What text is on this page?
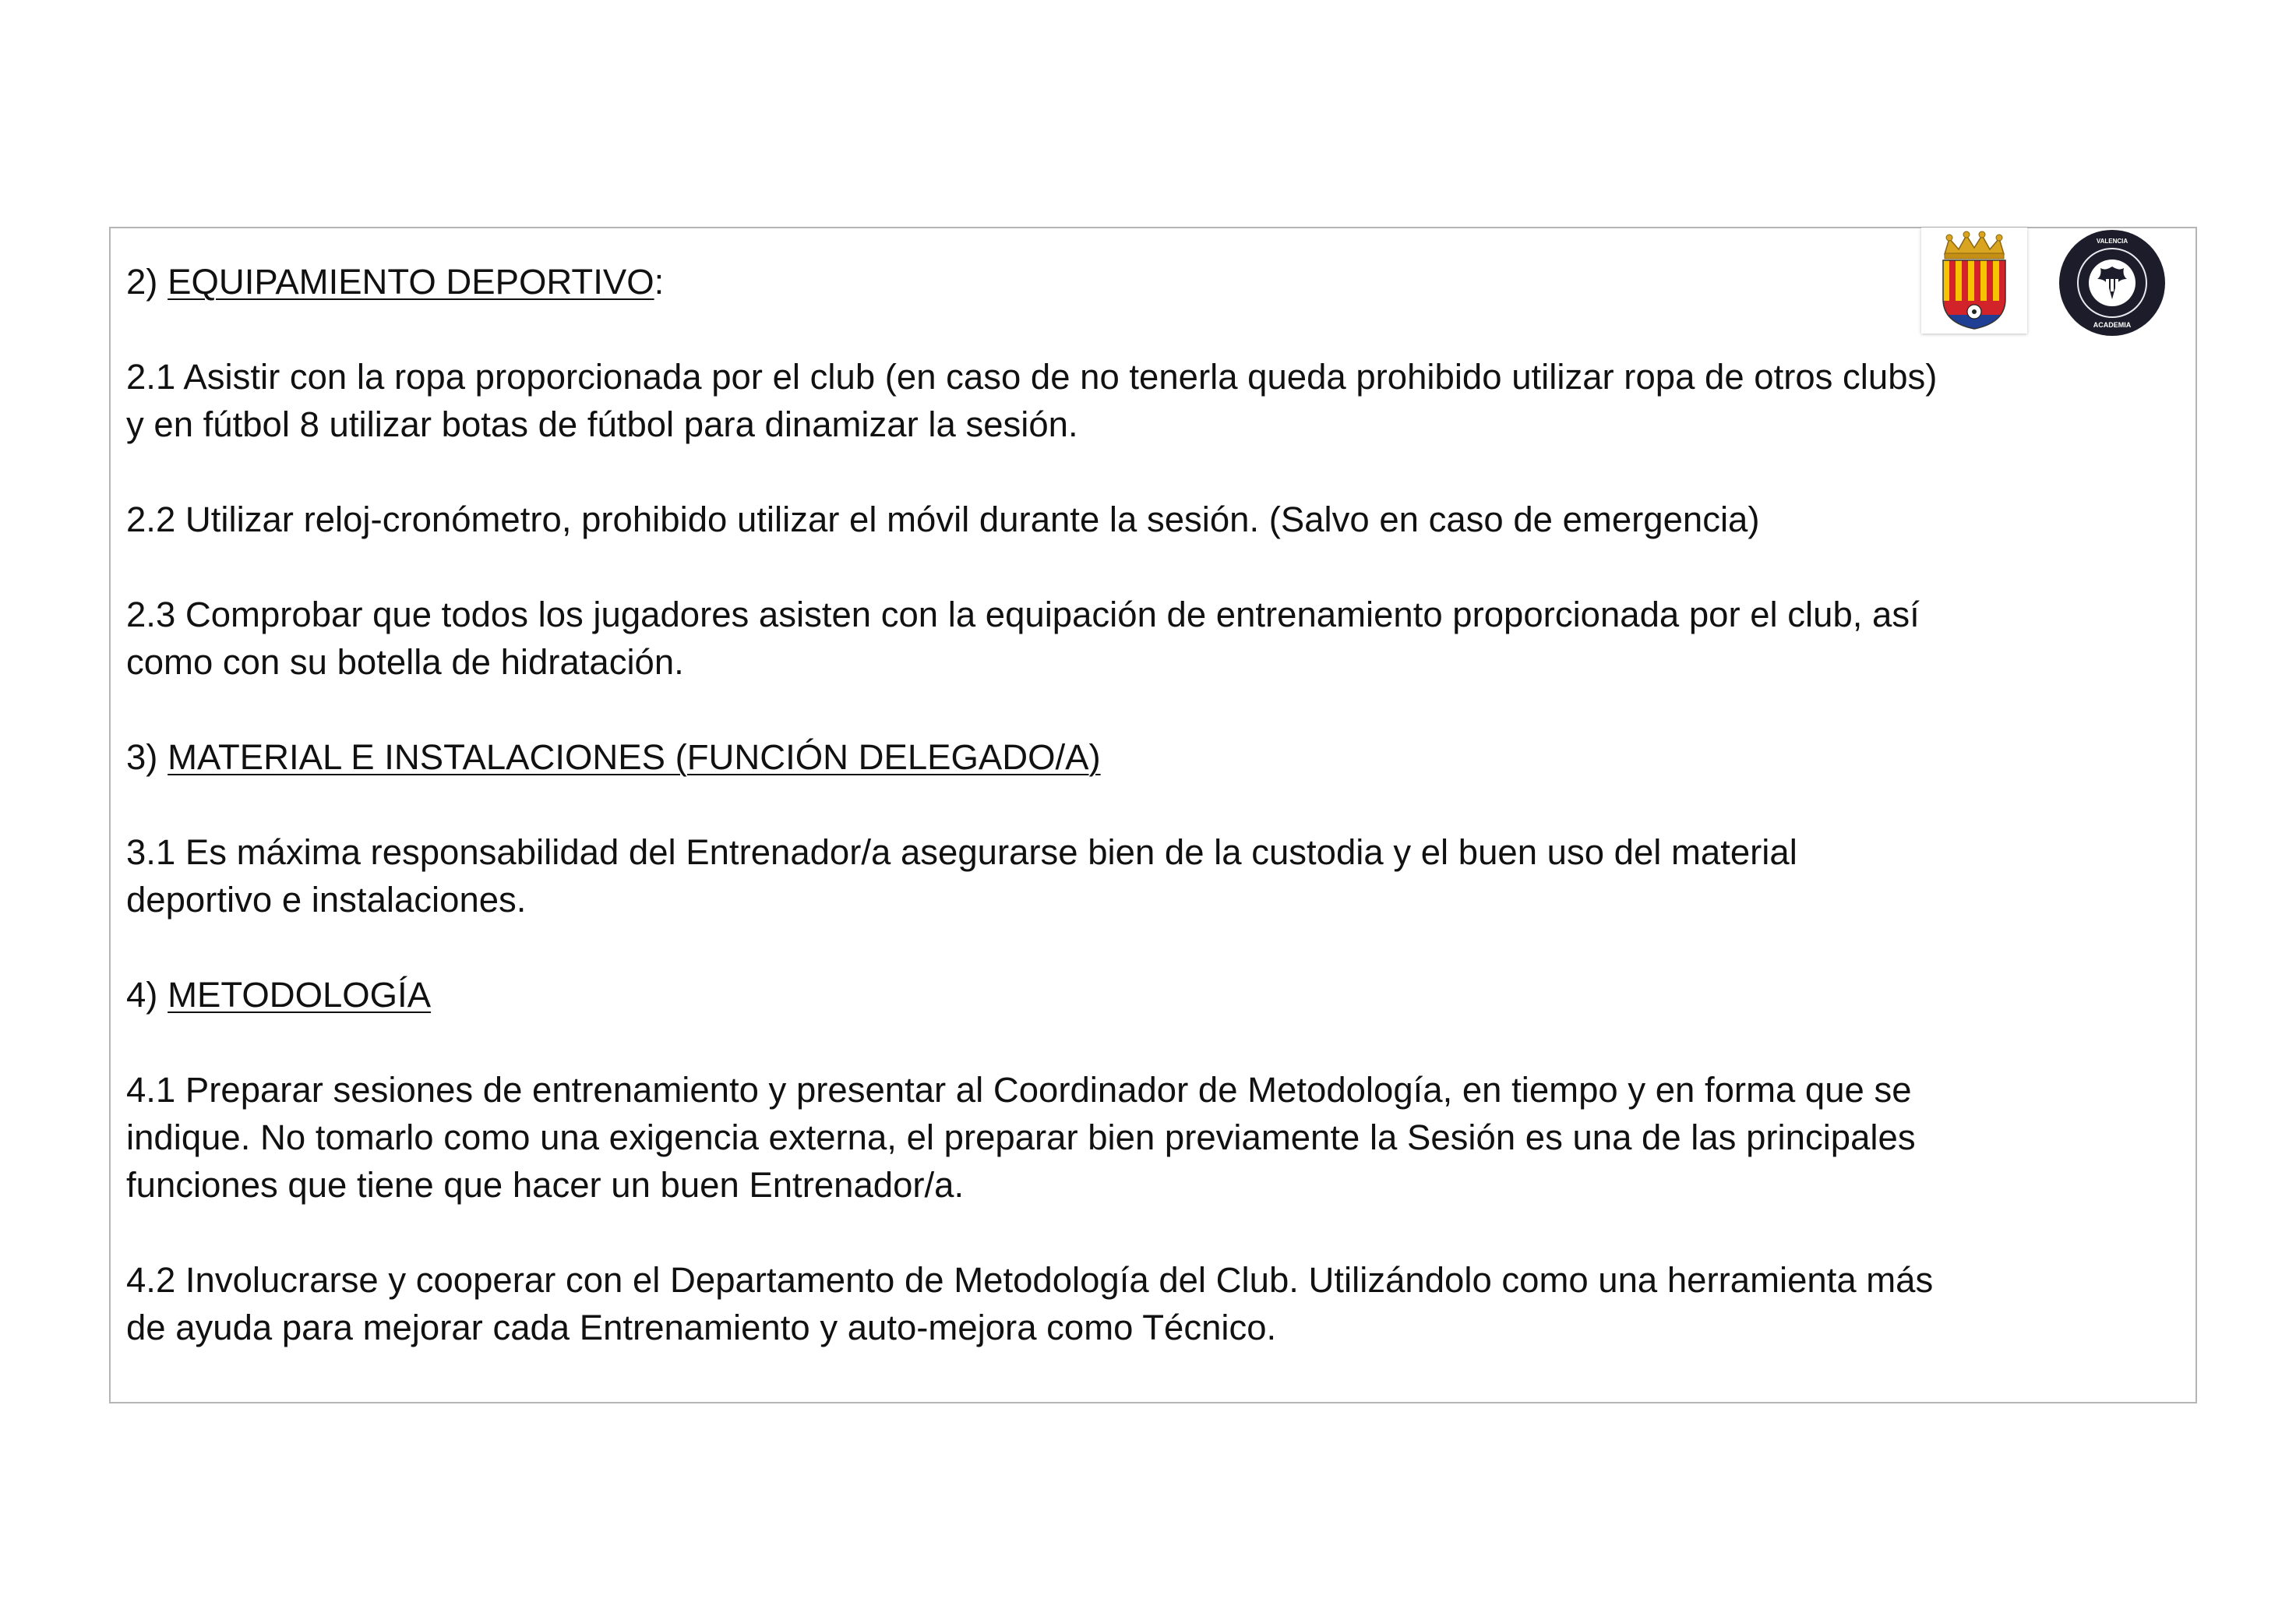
2) EQUIPAMIENTO DEPORTIVO:

2.1 Asistir con la ropa proporcionada por el club (en caso de no tenerla queda prohibido utilizar ropa de otros clubs)

y en fútbol 8 utilizar botas de fútbol para dinamizar la sesión.

2.2 Utilizar reloj-cronómetro, prohibido utilizar el móvil durante la sesión. (Salvo en caso de emergencia)

2.3 Comprobar que todos los jugadores asisten con la equipación de entrenamiento proporcionada por el club, así

como con su botella de hidratación.

3) MATERIAL E INSTALACIONES (FUNCIÓN DELEGADO/A)

3.1 Es máxima responsabilidad del Entrenador/a asegurarse bien de la custodia y el buen uso del material

deportivo e instalaciones.

4) METODOLOGÍA

4.1 Preparar sesiones de entrenamiento y presentar al Coordinador de Metodología, en tiempo y en forma que se

indique. No tomarlo como una exigencia externa, el preparar bien previamente la Sesión es una de las principales

funciones que tiene que hacer un buen Entrenador/a.

4.2 Involucrarse y cooperar con el Departamento de Metodología del Club. Utilizándolo como una herramienta más

de ayuda para mejorar cada Entrenamiento y auto-mejora como Técnico.

VALENCIA
ACADEMIA
